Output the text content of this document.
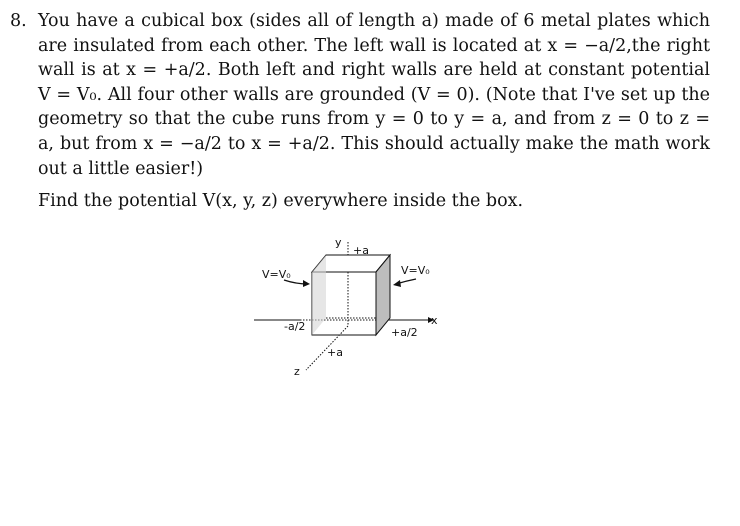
8. You have a cubical box (sides all of length a) made of 6 metal plates which are insulated from each other. The left wall is located at x = −a/2,the right wall is at x = +a/2. Both left and right walls are held at constant potential V = V₀. All four other walls are grounded (V = 0). (Note that I've set up the geometry so that the cube runs from y = 0 to y = a, and from z = 0 to z = a, but from x = −a/2 to x = +a/2. This should actually make the math work out a little easier!)

Find the potential V(x, y, z) everywhere inside the box.

V=V₀	V=V₀
y
+a
x
-a/2	+a/2
+a
z
